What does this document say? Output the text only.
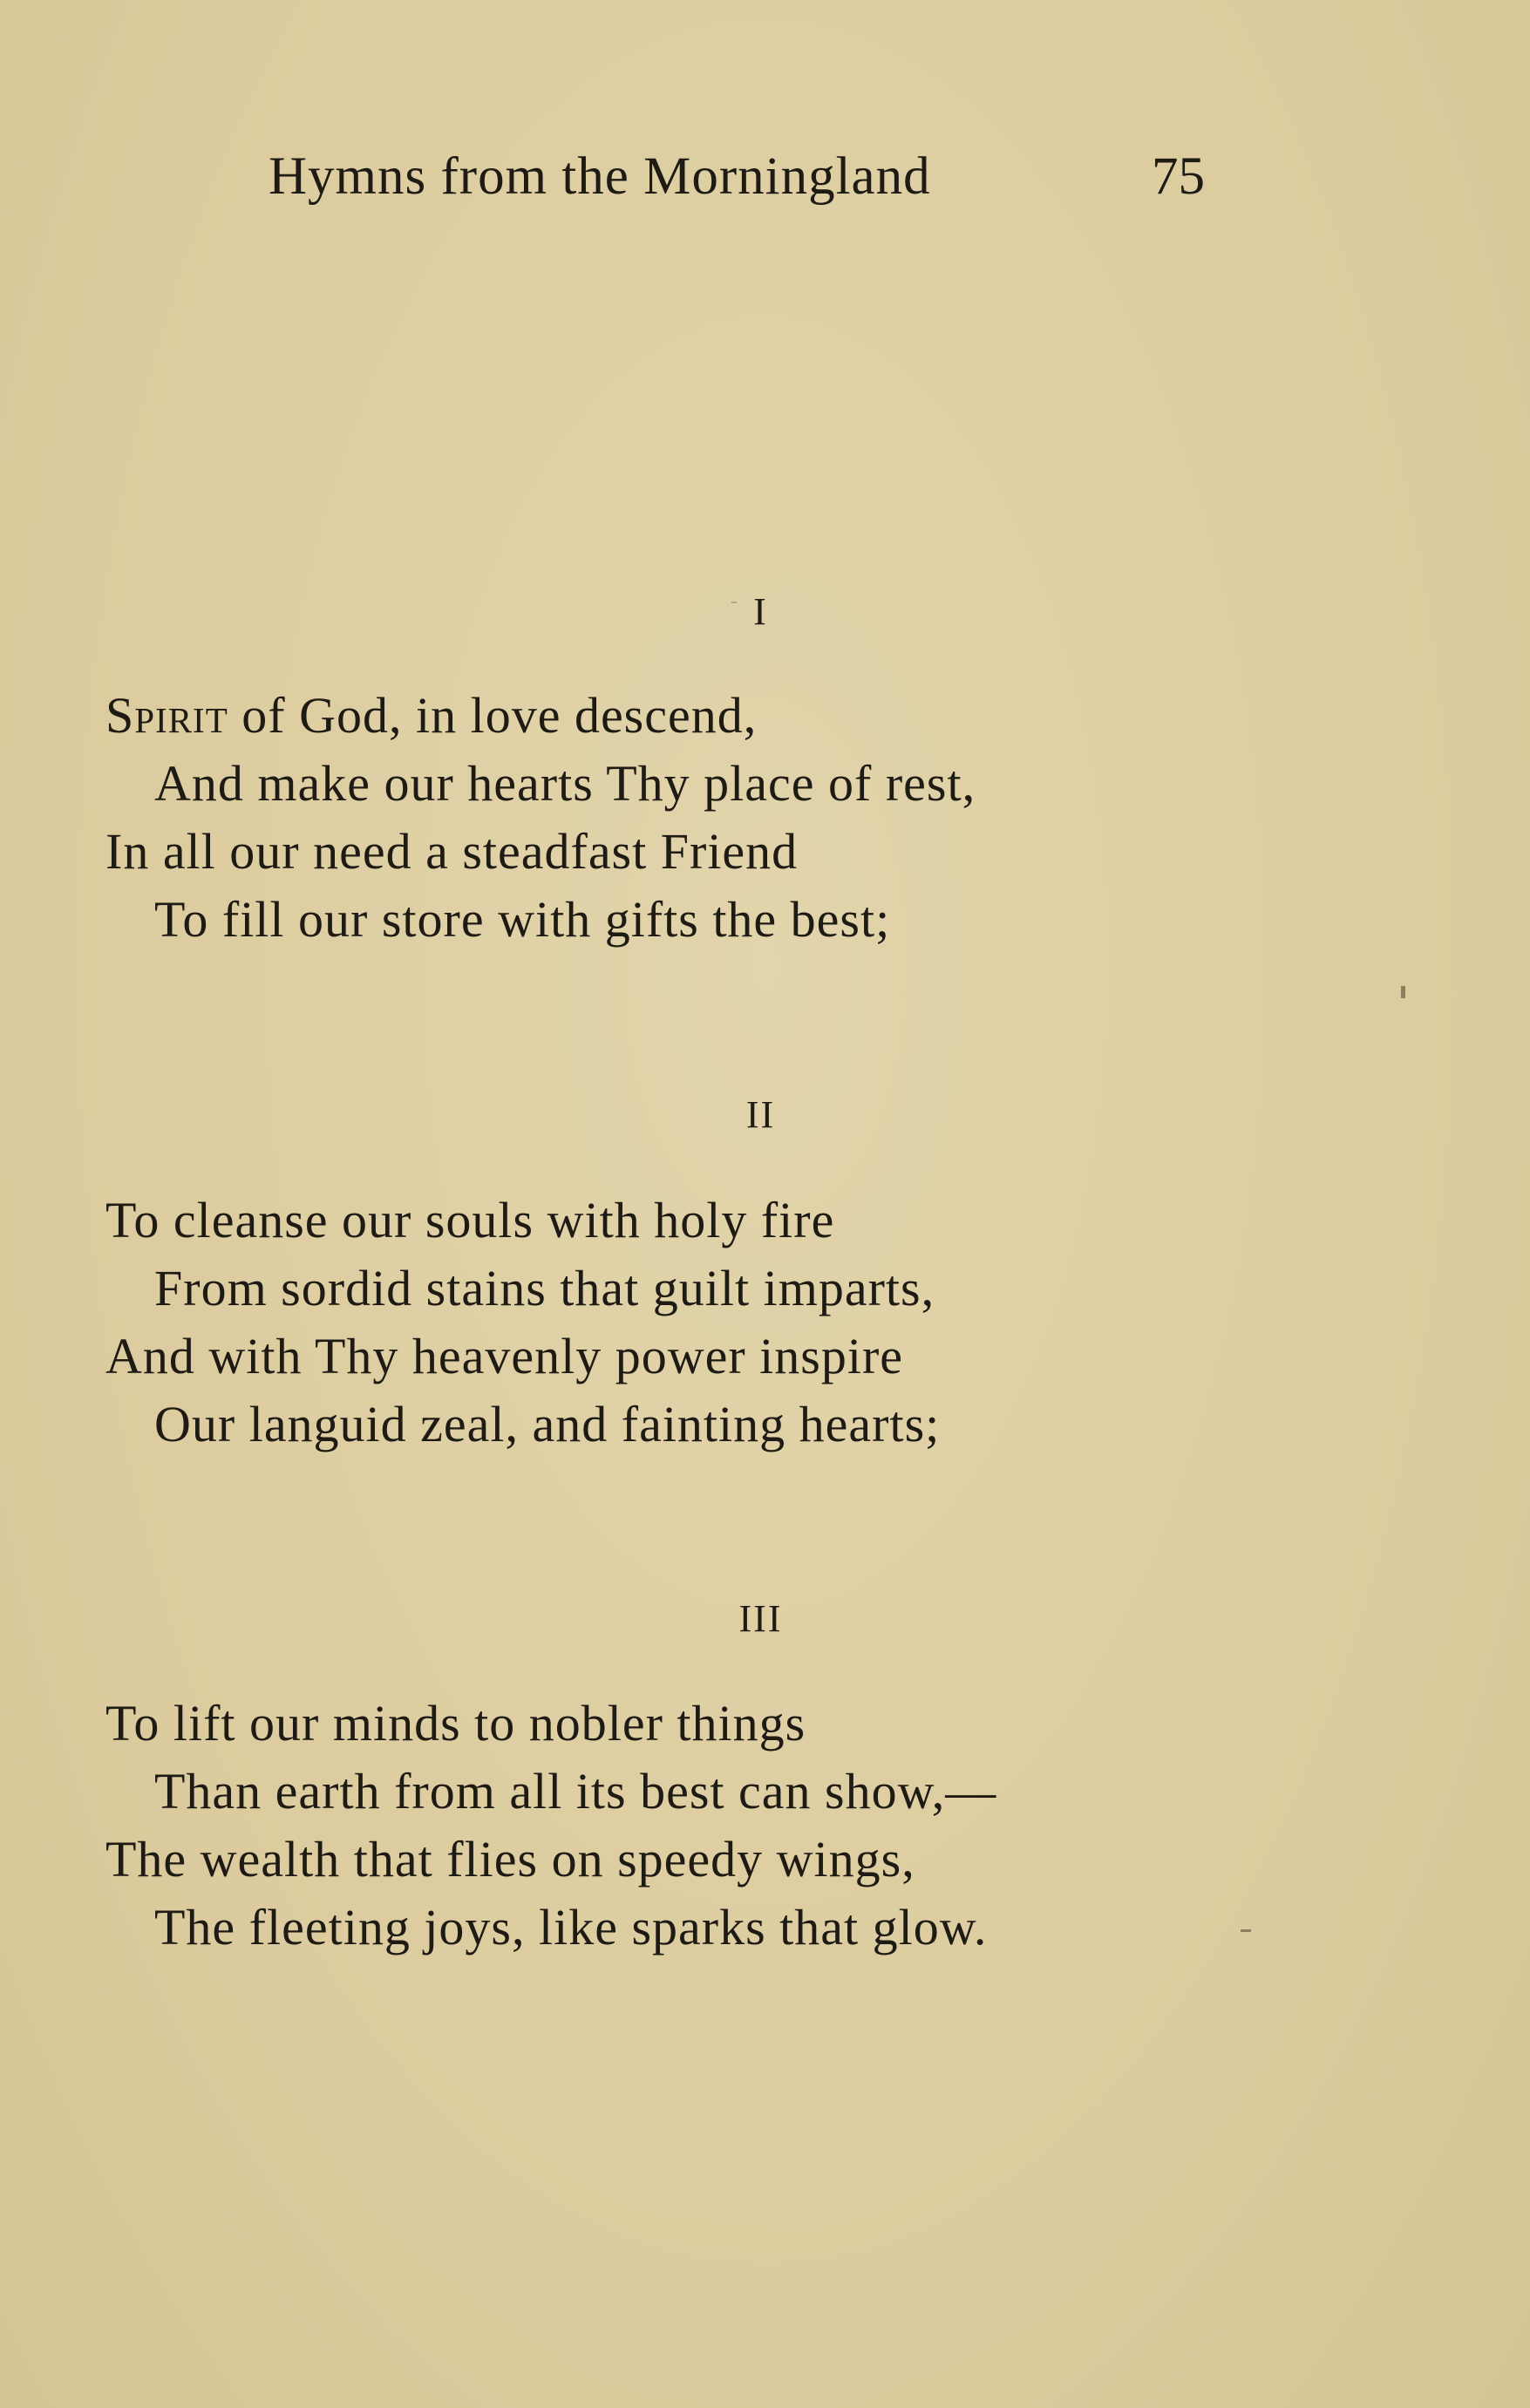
Hymns from the Morningland	75
I
Spirit of God, in love descend,
And make our hearts Thy place of rest,
In all our need a steadfast Friend
To fill our store with gifts the best;
II
To cleanse our souls with holy fire
From sordid stains that guilt imparts,
And with Thy heavenly power inspire
Our languid zeal, and fainting hearts;
III
To lift our minds to nobler things
Than earth from all its best can show,—
The wealth that flies on speedy wings,
The fleeting joys, like sparks that glow.
